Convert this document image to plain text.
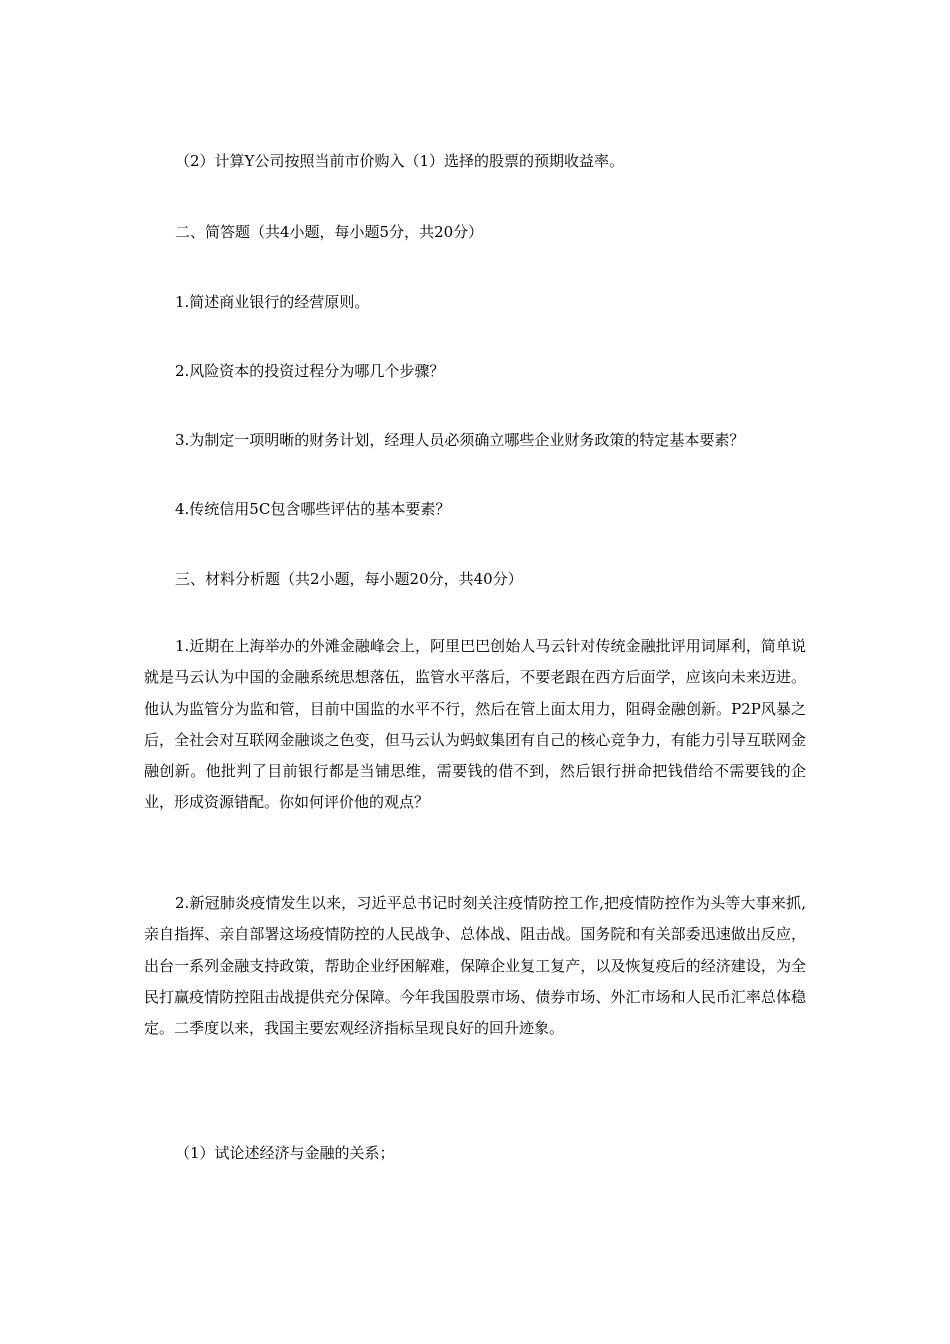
（2）计算Y公司按照当前市价购入（1）选择的股票的预期收益率。

二、简答题（共4小题，每小题5分，共20分）

1.简述商业银行的经营原则。

2.风险资本的投资过程分为哪几个步骤？

3.为制定一项明晰的财务计划，经理人员必须确立哪些企业财务政策的特定基本要素？

4.传统信用5C包含哪些评估的基本要素？

三、材料分析题（共2小题，每小题20分，共40分）

1.近期在上海举办的外滩金融峰会上，阿里巴巴创始人马云针对传统金融批评用词犀利，简单说就是马云认为中国的金融系统思想落伍，监管水平落后，不要老跟在西方后面学，应该向未来迈进。他认为监管分为监和管，目前中国监的水平不行，然后在管上面太用力，阻碍金融创新。P2P风暴之后，全社会对互联网金融谈之色变，但马云认为蚂蚁集团有自己的核心竞争力，有能力引导互联网金融创新。他批判了目前银行都是当铺思维，需要钱的借不到，然后银行拼命把钱借给不需要钱的企业，形成资源错配。你如何评价他的观点？

2.新冠肺炎疫情发生以来，习近平总书记时刻关注疫情防控工作,把疫情防控作为头等大事来抓,亲自指挥、亲自部署这场疫情防控的人民战争、总体战、阻击战。国务院和有关部委迅速做出反应，出台一系列金融支持政策，帮助企业纾困解难，保障企业复工复产，以及恢复疫后的经济建设，为全民打赢疫情防控阻击战提供充分保障。今年我国股票市场、债券市场、外汇市场和人民币汇率总体稳定。二季度以来，我国主要宏观经济指标呈现良好的回升迹象。

（1）试论述经济与金融的关系；
